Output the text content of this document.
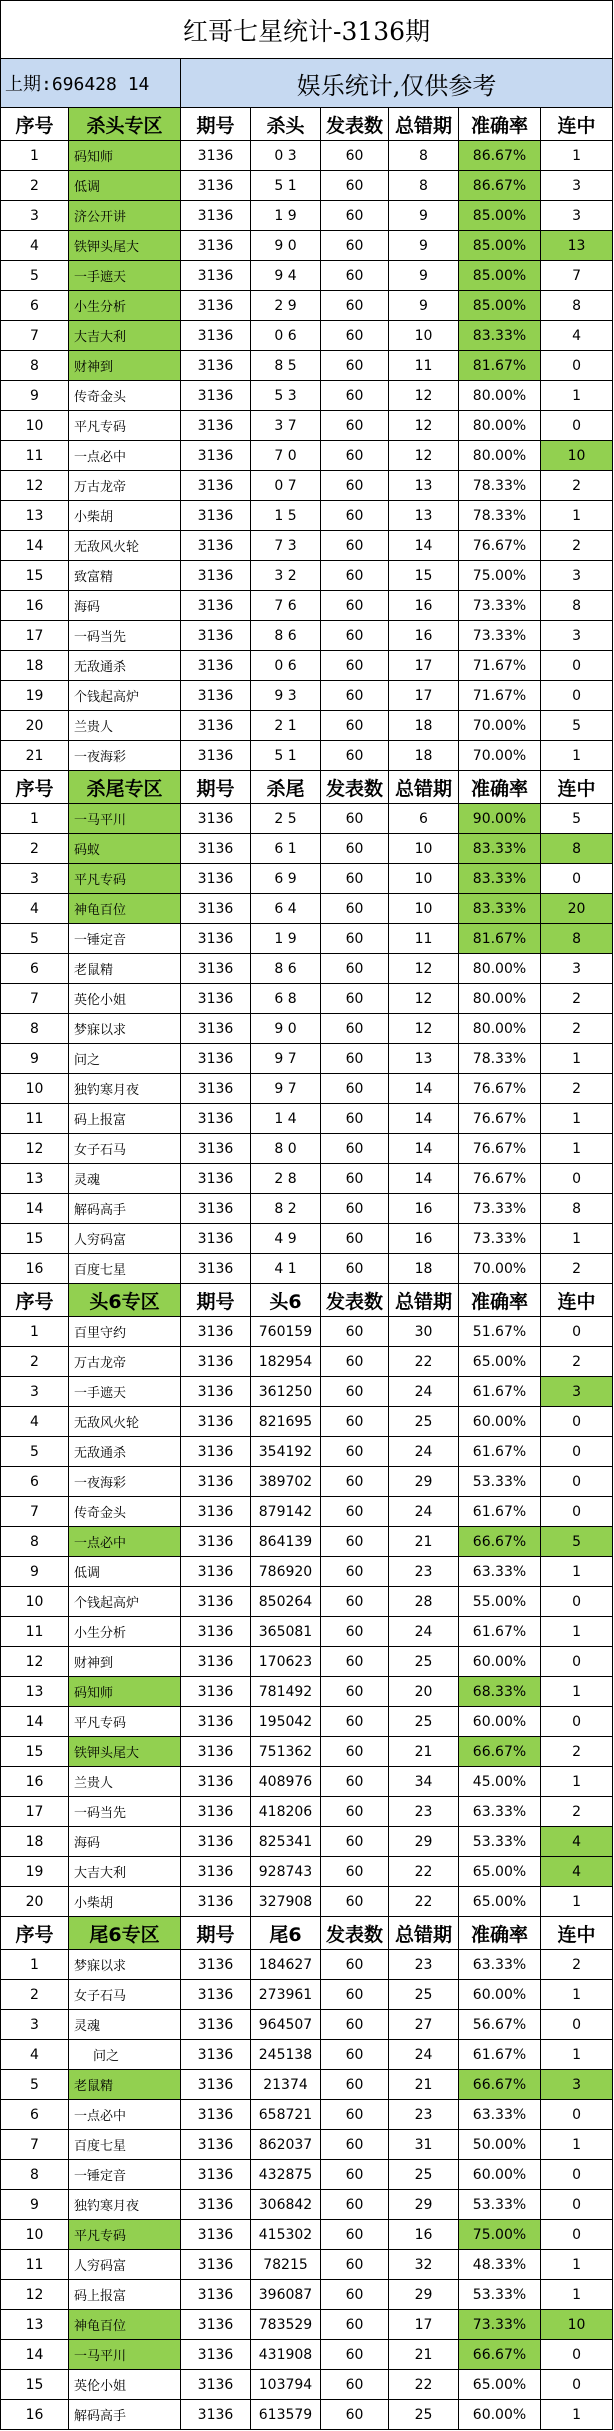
红哥七星统计-3136期							
上期:696428 14		娱乐统计,仅供参考					
序号	杀头专区	期号	杀头	发表数	总错期	准确率	连中
1	码知师	3136	0 3	60	8	86.67%	1
2	低调	3136	5 1	60	8	86.67%	3
3	济公开讲	3136	1 9	60	9	85.00%	3
4	铁钾头尾大	3136	9 0	60	9	85.00%	13
5	一手遮天	3136	9 4	60	9	85.00%	7
6	小生分析	3136	2 9	60	9	85.00%	8
7	大吉大利	3136	0 6	60	10	83.33%	4
8	财神到	3136	8 5	60	11	81.67%	0
9	传奇金头	3136	5 3	60	12	80.00%	1
10	平凡专码	3136	3 7	60	12	80.00%	0
11	一点必中	3136	7 0	60	12	80.00%	10
12	万古龙帝	3136	0 7	60	13	78.33%	2
13	小柴胡	3136	1 5	60	13	78.33%	1
14	无敌风火轮	3136	7 3	60	14	76.67%	2
15	致富精	3136	3 2	60	15	75.00%	3
16	海码	3136	7 6	60	16	73.33%	8
17	一码当先	3136	8 6	60	16	73.33%	3
18	无敌通杀	3136	0 6	60	17	71.67%	0
19	个钱起高炉	3136	9 3	60	17	71.67%	0
20	兰贵人	3136	2 1	60	18	70.00%	5
21	一夜海彩	3136	5 1	60	18	70.00%	1
序号	杀尾专区	期号	杀尾	发表数	总错期	准确率	连中
1	一马平川	3136	2 5	60	6	90.00%	5
2	码蚁	3136	6 1	60	10	83.33%	8
3	平凡专码	3136	6 9	60	10	83.33%	0
4	神龟百位	3136	6 4	60	10	83.33%	20
5	一锤定音	3136	1 9	60	11	81.67%	8
6	老鼠精	3136	8 6	60	12	80.00%	3
7	英伦小姐	3136	6 8	60	12	80.00%	2
8	梦寐以求	3136	9 0	60	12	80.00%	2
9	问之	3136	9 7	60	13	78.33%	1
10	独钓寒月夜	3136	9 7	60	14	76.67%	2
11	码上报富	3136	1 4	60	14	76.67%	1
12	女子石马	3136	8 0	60	14	76.67%	1
13	灵魂	3136	2 8	60	14	76.67%	0
14	解码高手	3136	8 2	60	16	73.33%	8
15	人穷码富	3136	4 9	60	16	73.33%	1
16	百度七星	3136	4 1	60	18	70.00%	2
序号	头6专区	期号	头6	发表数	总错期	准确率	连中
1	百里守约	3136	760159	60	30	51.67%	0
2	万古龙帝	3136	182954	60	22	65.00%	2
3	一手遮天	3136	361250	60	24	61.67%	3
4	无敌风火轮	3136	821695	60	25	60.00%	0
5	无敌通杀	3136	354192	60	24	61.67%	0
6	一夜海彩	3136	389702	60	29	53.33%	0
7	传奇金头	3136	879142	60	24	61.67%	0
8	一点必中	3136	864139	60	21	66.67%	5
9	低调	3136	786920	60	23	63.33%	1
10	个钱起高炉	3136	850264	60	28	55.00%	0
11	小生分析	3136	365081	60	24	61.67%	1
12	财神到	3136	170623	60	25	60.00%	0
13	码知师	3136	781492	60	20	68.33%	1
14	平凡专码	3136	195042	60	25	60.00%	0
15	铁钾头尾大	3136	751362	60	21	66.67%	2
16	兰贵人	3136	408976	60	34	45.00%	1
17	一码当先	3136	418206	60	23	63.33%	2
18	海码	3136	825341	60	29	53.33%	4
19	大吉大利	3136	928743	60	22	65.00%	4
20	小柴胡	3136	327908	60	22	65.00%	1
序号	尾6专区	期号	尾6	发表数	总错期	准确率	连中
1	梦寐以求	3136	184627	60	23	63.33%	2
2	女子石马	3136	273961	60	25	60.00%	1
3	灵魂	3136	964507	60	27	56.67%	0
4	问之	3136	245138	60	24	61.67%	1
5	老鼠精	3136	21374	60	21	66.67%	3
6	一点必中	3136	658721	60	23	63.33%	0
7	百度七星	3136	862037	60	31	50.00%	1
8	一锤定音	3136	432875	60	25	60.00%	0
9	独钓寒月夜	3136	306842	60	29	53.33%	0
10	平凡专码	3136	415302	60	16	75.00%	0
11	人穷码富	3136	78215	60	32	48.33%	1
12	码上报富	3136	396087	60	29	53.33%	1
13	神龟百位	3136	783529	60	17	73.33%	10
14	一马平川	3136	431908	60	21	66.67%	0
15	英伦小姐	3136	103794	60	22	65.00%	0
16	解码高手	3136	613579	60	25	60.00%	1
